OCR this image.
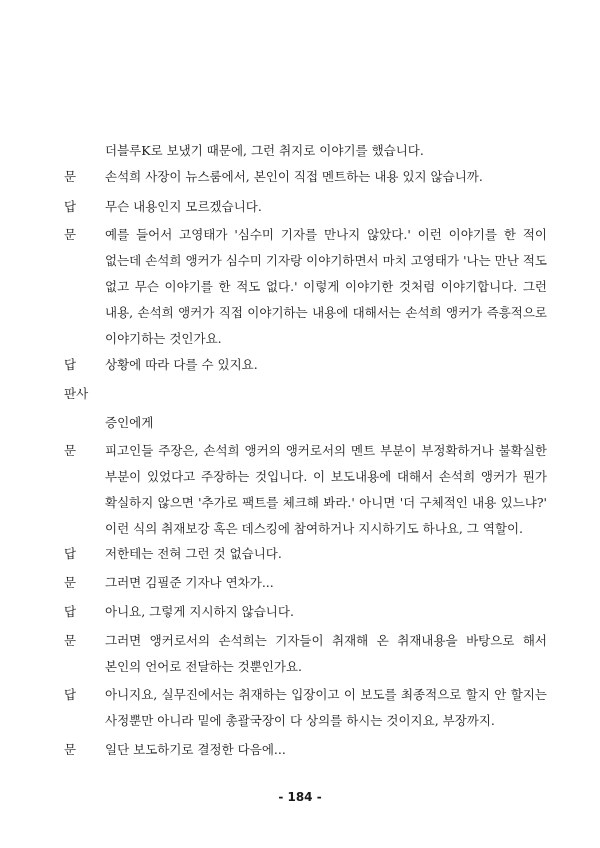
더블루K로 보냈기 때문에, 그런 취지로 이야기를 했습니다.
문	손석희 사장이 뉴스룸에서, 본인이 직접 멘트하는 내용 있지 않습니까.
답	무슨 내용인지 모르겠습니다.
문	예를 들어서 고영태가 '심수미 기자를 만나지 않았다.' 이런 이야기를 한 적이 없는데 손석희 앵커가 심수미 기자랑 이야기하면서 마치 고영태가 '나는 만난 적도 없고 무슨 이야기를 한 적도 없다.' 이렇게 이야기한 것처럼 이야기합니다. 그런 내용, 손석희 앵커가 직접 이야기하는 내용에 대해서는 손석희 앵커가 즉흥적으로 이야기하는 것인가요.
답	상황에 따라 다를 수 있지요.
판사
증인에게
문	피고인들 주장은, 손석희 앵커의 앵커로서의 멘트 부분이 부정확하거나 불확실한 부분이 있었다고 주장하는 것입니다. 이 보도내용에 대해서 손석희 앵커가 뭔가 확실하지 않으면 '추가로 팩트를 체크해 봐라.' 아니면 '더 구체적인 내용 있느냐?' 이런 식의 취재보강 혹은 데스킹에 참여하거나 지시하기도 하나요, 그 역할이.
답	저한테는 전혀 그런 것 없습니다.
문	그러면 김필준 기자나 연차가...
답	아니요, 그렇게 지시하지 않습니다.
문	그러면 앵커로서의 손석희는 기자들이 취재해 온 취재내용을 바탕으로 해서 본인의 언어로 전달하는 것뿐인가요.
답	아니지요, 실무진에서는 취재하는 입장이고 이 보도를 최종적으로 할지 안 할지는 사정뿐만 아니라 밑에 총괄국장이 다 상의를 하시는 것이지요, 부장까지.
문	일단 보도하기로 결정한 다음에...
- 184 -
